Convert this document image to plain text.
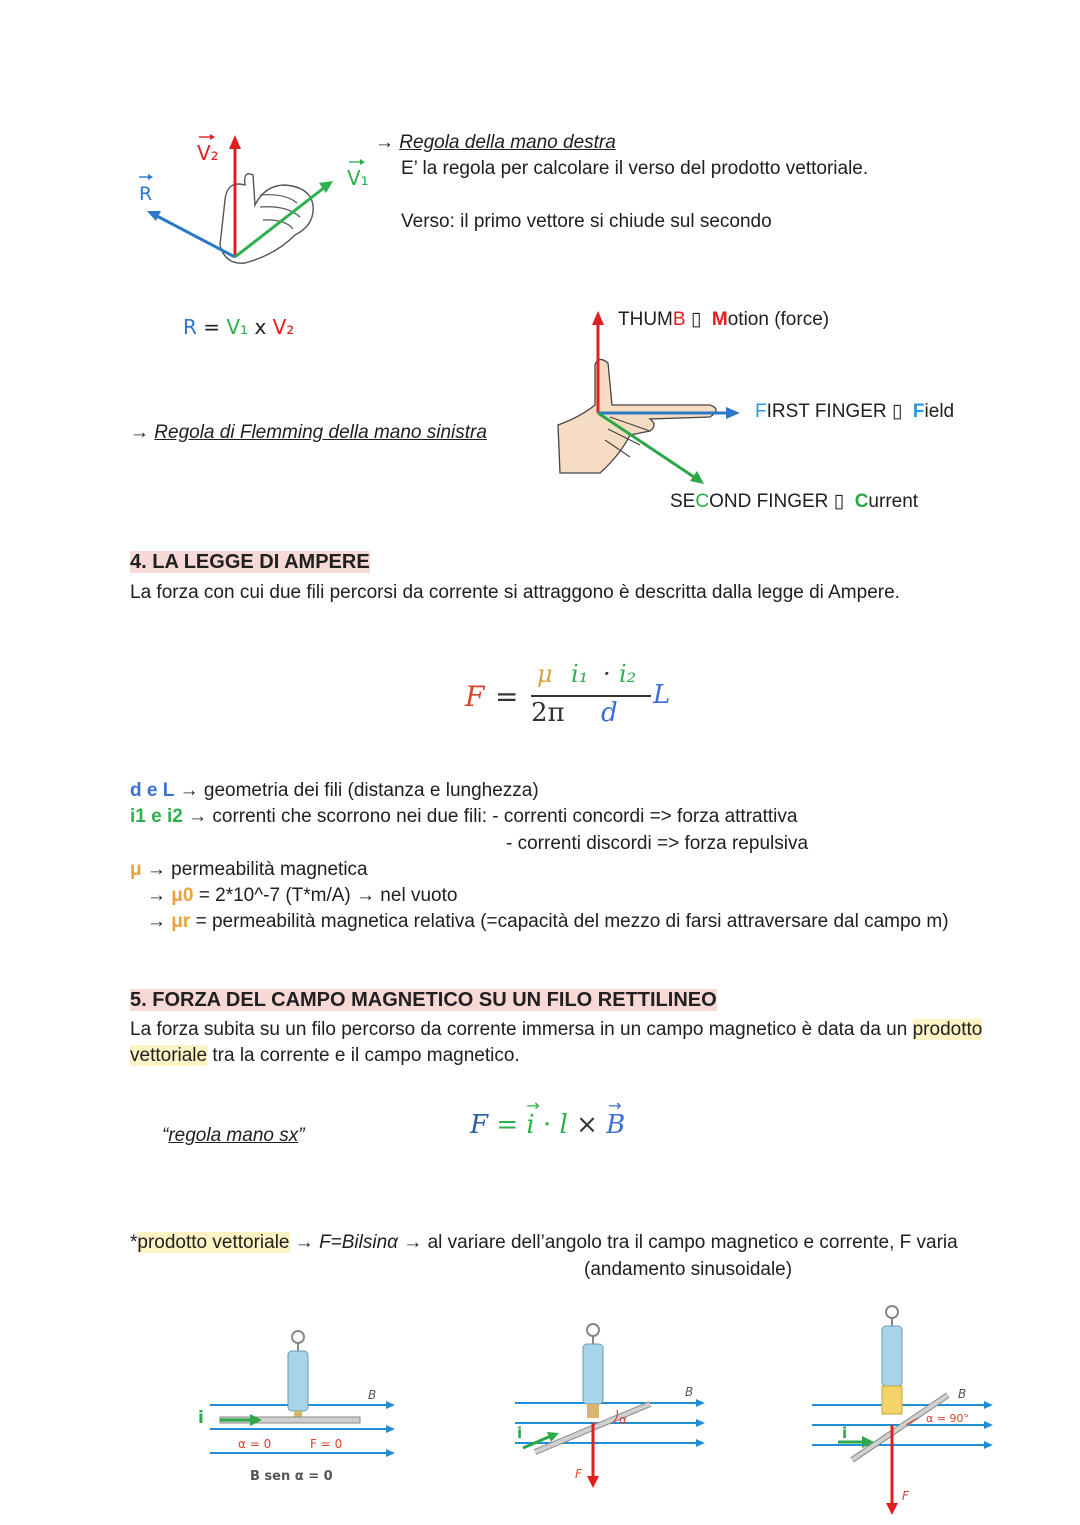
V₂
V₁
R
R = V₁ x V₂
→ Regola della mano destra
E’ la regola per calcolare il verso del prodotto vettoriale.
Verso: il primo vettore si chiude sul secondo
→ Regola di Flemming della mano sinistra
THUMB ▯ Motion (force)
FIRST FINGER ▯ Field
SECOND FINGER ▯ Current
4. LA LEGGE DI AMPERE
La forza con cui due fili percorsi da corrente si attraggono è descritta dalla legge di Ampere.
F =
μ i₁ · i₂
2π d
L
d e L → geometria dei fili (distanza e lunghezza)
i1 e i2 → correnti che scorrono nei due fili: - correnti concordi => forza attrattiva
- correnti discordi => forza repulsiva
μ → permeabilità magnetica
→ μ0 = 2*10^-7 (T*m/A) → nel vuoto
→ μr = permeabilità magnetica relativa (=capacità del mezzo di farsi attraversare dal campo m)
5. FORZA DEL CAMPO MAGNETICO SU UN FILO RETTILINEO
La forza subita su un filo percorso da corrente immersa in un campo magnetico è data da un prodotto
vettoriale tra la corrente e il campo magnetico.
“regola mano sx”	F = i
→
· l × B
→
*prodotto vettoriale → F=Bilsinα → al variare dell’angolo tra il campo magnetico e corrente, F varia
(andamento sinusoidale)
i
B
α = 0	F = 0
B sen α = 0
i
B
α
F
i
B
α = 90°
F
